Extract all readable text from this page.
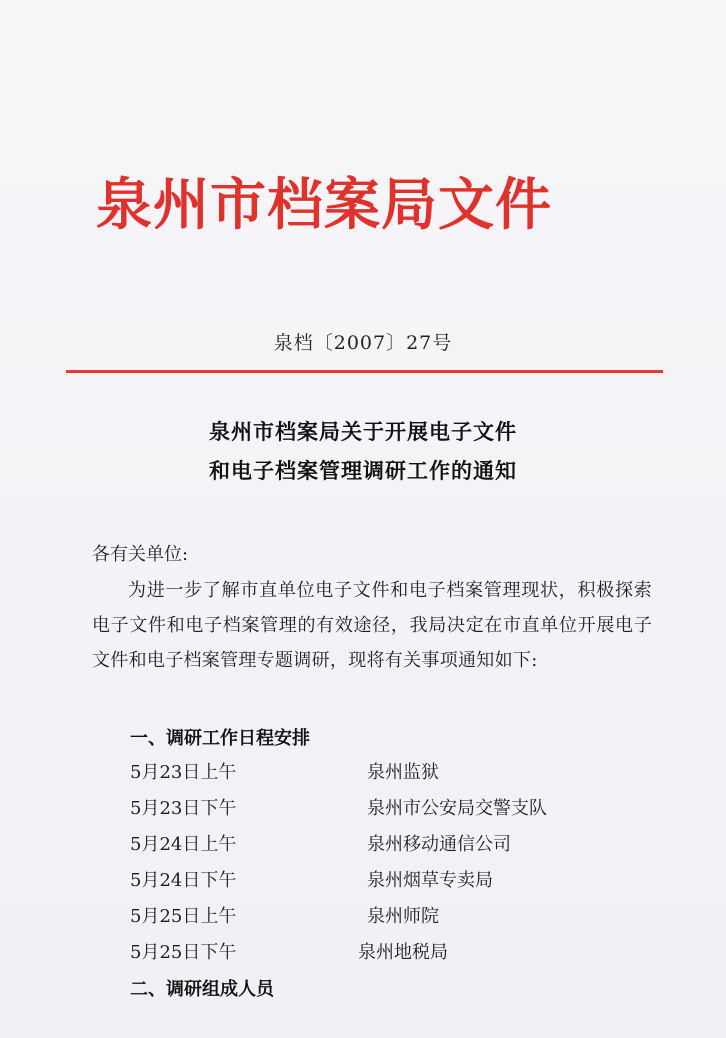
泉州市档案局文件
泉档〔2007〕27号
泉州市档案局关于开展电子文件
和电子档案管理调研工作的通知
各有关单位:
为进一步了解市直单位电子文件和电子档案管理现状，积极探索电子文件和电子档案管理的有效途径，我局决定在市直单位开展电子文件和电子档案管理专题调研，现将有关事项通知如下:
一、调研工作日程安排
5月23日上午	泉州监狱
5月23日下午	泉州市公安局交警支队
5月24日上午	泉州移动通信公司
5月24日下午	泉州烟草专卖局
5月25日上午	泉州师院
5月25日下午	泉州地税局
二、调研组成人员
